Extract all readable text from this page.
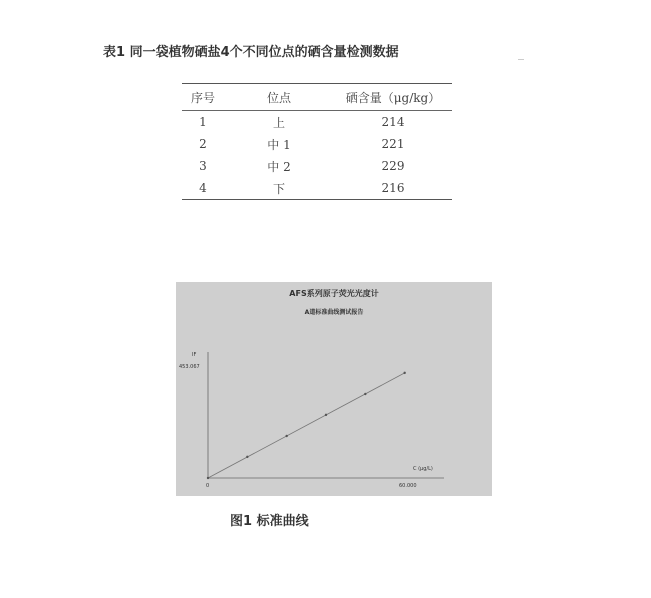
表1 同一袋植物硒盐4个不同位点的硒含量检测数据
序号	位点	硒含量（μg/kg）
1	上	214
2	中 1	221
3	中 2	229
4	下	216
AFS系列原子荧光光度计
A道标准曲线测试报告
IF
453.067
C (μg/L)
0	60.000
图1 标准曲线
